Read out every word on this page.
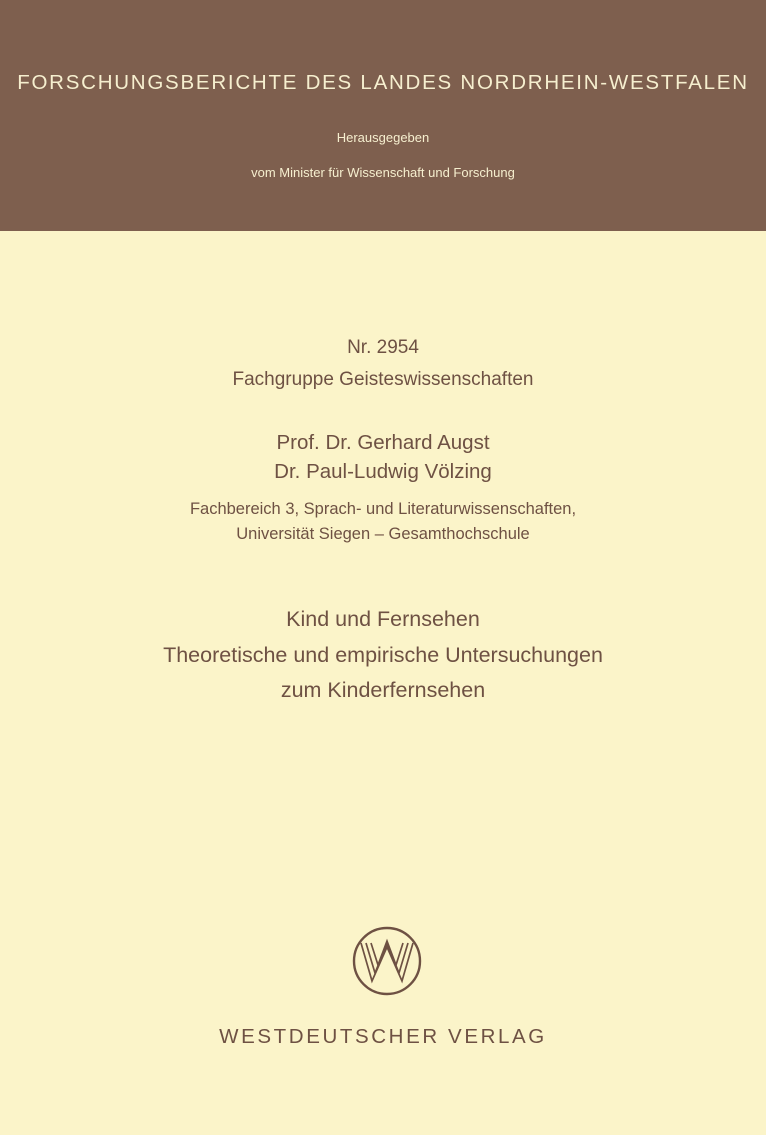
FORSCHUNGSBERICHTE DES LANDES NORDRHEIN-WESTFALEN
Herausgegeben
vom Minister für Wissenschaft und Forschung
Nr. 2954
Fachgruppe Geisteswissenschaften
Prof. Dr. Gerhard Augst
Dr. Paul-Ludwig Völzing
Fachbereich 3, Sprach- und Literaturwissenschaften,
Universität Siegen – Gesamthochschule
Kind und Fernsehen
Theoretische und empirische Untersuchungen
zum Kinderfernsehen
WESTDEUTSCHER VERLAG
